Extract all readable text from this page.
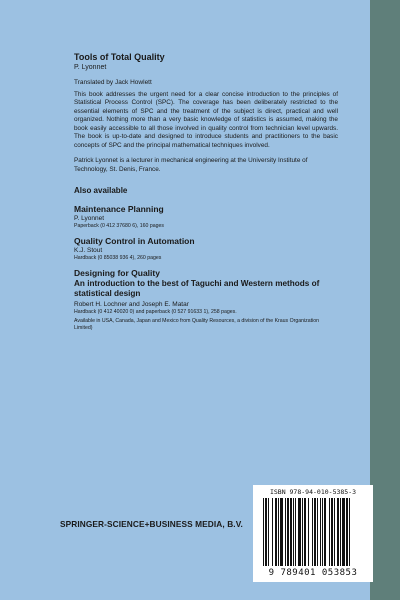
Tools of Total Quality
P. Lyonnet
Translated by Jack Howlett
This book addresses the urgent need for a clear concise introduction to the principles of Statistical Process Control (SPC). The coverage has been deliberately restricted to the essential elements of SPC and the treatment of the subject is direct, practical and well organized. Nothing more than a very basic knowledge of statistics is assumed, making the book easily accessible to all those involved in quality control from technician level upwards. The book is up-to-date and designed to introduce students and practitioners to the basic concepts of SPC and the principal mathematical techniques involved.
Patrick Lyonnet is a lecturer in mechanical engineering at the University Institute of Technology, St. Denis, France.
Also available
Maintenance Planning
P. Lyonnet
Paperback (0 412 37680 6), 160 pages
Quality Control in Automation
K.J. Stout
Hardback (0 85038 936 4), 260 pages
Designing for Quality
An introduction to the best of Taguchi and Western methods of statistical design
Robert H. Lochner and Joseph E. Matar
Hardback (0 412 40020 0) and paperback (0 527 91633 1), 258 pages.
Available in USA, Canada, Japan and Mexico from Quality Resources, a division of the Kraus Organization Limited)
SPRINGER-SCIENCE+BUSINESS MEDIA, B.V.
ISBN 978-94-010-5385-3
9 789401 053853
